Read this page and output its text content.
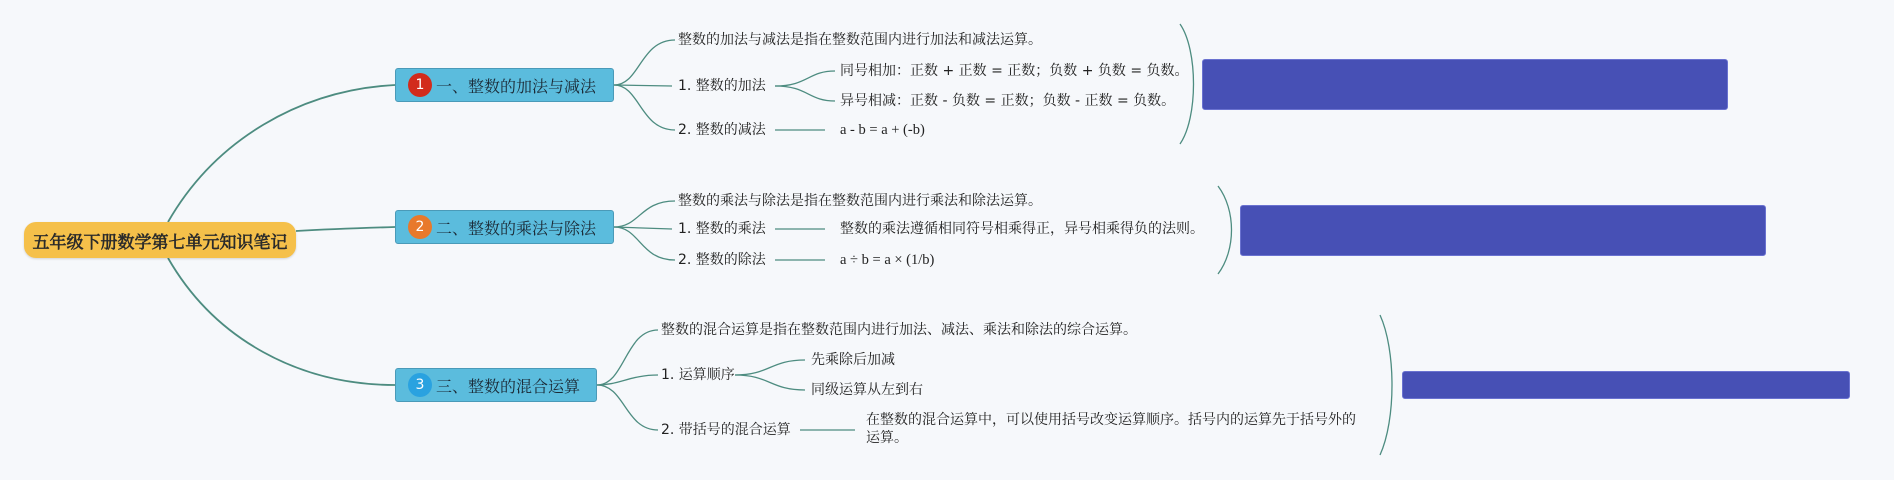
五年级下册数学第七单元知识笔记
1 一、整数的加法与减法
整数的加法与减法是指在整数范围内进行加法和减法运算。
1. 整数的加法
同号相加：正数 + 正数 = 正数；负数 + 负数 = 负数。
异号相减：正数 - 负数 = 正数；负数 - 正数 = 负数。
2. 整数的减法	a - b = a + (-b)
2 二、整数的乘法与除法
整数的乘法与除法是指在整数范围内进行乘法和除法运算。
1. 整数的乘法	整数的乘法遵循相同符号相乘得正，异号相乘得负的法则。
2. 整数的除法	a ÷ b = a × (1/b)
3 三、整数的混合运算
整数的混合运算是指在整数范围内进行加法、减法、乘法和除法的综合运算。
1. 运算顺序
先乘除后加减
同级运算从左到右
2. 带括号的混合运算
在整数的混合运算中，可以使用括号改变运算顺序。括号内的运算先于括号外的运算。
